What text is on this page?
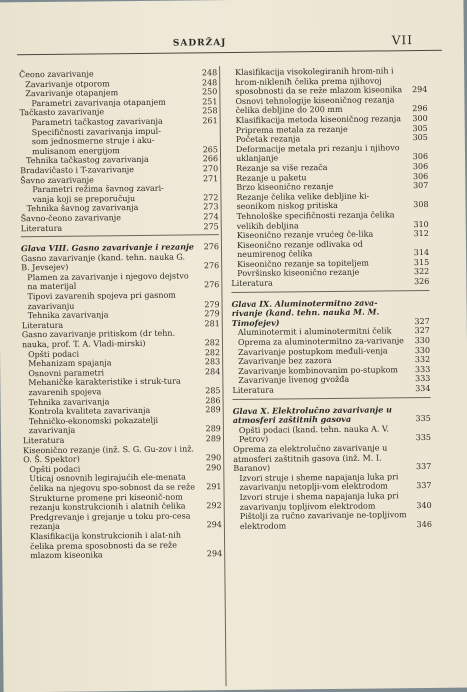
SADRŽAJ	VII
Čeono zavarivanje	248
Zavarivanje otporom	248
Zavarivanje otapanjem	250
Parametri zavarivanja otapanjem	251
Tačkasto zavarivanje	258
Parametri tačkastog zavarivanja	261
Specifičnosti zavarivanja impul-
som jednosmerne struje i aku-
mulisanom energijom	265
Tehnika tačkastog zavarivanja	266
Bradavičasto i T-zavarivanje	270
Šavno zavarivanje	271
Parametri režima šavnog zavari-
vanja koji se preporučuju	272
Tehnika šavnog zavarivanja	273
Šavno-čeono zavarivanje	274
Literatura	275
Glava VIII. Gasno zavarivanje i rezanje	276
Gasno zavarivanje (kand. tehn. nauka G. B. Jevsejev)	276
Plamen za zavarivanje i njegovo dejstvo na materijal	276
Tipovi zavarenih spojeva pri gasnom zavarivanju	279
Tehnika zavarivanja	279
Literatura	281
Gasno zavarivanje pritiskom (dr tehn. nauka, prof. T. A. Vladi-mirski)	282
Opšti podaci	282
Mehanizam spajanja	283
Osnovni parametri	284
Mehaničke karakteristike i struk-tura zavarenih spojeva	285
Tehnika zavarivanja	286
Kontrola kvaliteta zavarivanja	289
Tehničko-ekonomski pokazatelji zavarivanja	289
Literatura	289
Kiseonično rezanje (inž. S. G. Gu-zov i inž. O. Š. Spektor)	290
Opšti podaci	290
Uticaj osnovnih legirajućih ele-menata čelika na njegovu spo-sobnost da se reže	291
Strukturne promene pri kiseonič-nom rezanju konstrukcionih i alatnih čelika	292
Predgrevanje i grejanje u toku pro-cesa rezanja	294
Klasifikacija konstrukcionih i alat-nih čelika prema sposobnosti da se reže mlazom kiseonika	294
Klasifikacija visokolegiranih hrom-nih i hrom-nikleniħ čelika prema njihovoj sposobnosti da se reže mlazom kiseonika	294
Osnovi tehnologije kiseoničnog rezanja čelika debljine do 200 mm	296
Klasifikacija metoda kiseoničnog rezanja	300
Priprema metala za rezanje	305
Početak rezanja	305
Deformacije metala pri rezanju i njihovo uklanjanje	306
Rezanje sa više rezača	306
Rezanje u paketu	306
Brzo kiseonično rezanje	307
Rezanje čelika velike debljine ki-seonikom niskog pritiska	308
Tehnološke specifičnosti rezanja čelika velikih debljina	310
Kiseonično rezanje vrućeg če-lika	312
Kiseonično rezanje odlivaka od neumirenog čelika	314
Kiseonično rezanje sa topitelјem	315
Površinsko kiseonično rezanje	322
Literatura	326
Glava IX. Aluminotermitno zava-rivanje (kand. tehn. nauka M. M. Timofejev)	327
Aluminotermit i aluminotermitni čelik	327
Oprema za aluminotermitno za-varivanje	330
Zavarivanje postupkom međuli-venja	330
Zavarivanje bez zazora	332
Zavarivanje kombinovanim po-stupkom	333
Zavarivanje livenog gvožđa	333
Literatura	334
Glava X. Elektrolučno zavarivanje u atmosferi zaštitnih gasova	335
Opšti podaci (kand. tehn. nauka A. V. Petrov)	335
Oprema za elektrolučno zavarivanje u atmosferi zaštitnih gasova (inž. M. I. Baranov)	337
Izvori struje i sheme napajanja luka pri zavarivanju netoplji-vom elektrodom	337
Izvori struje i shema napajanja luka pri zavarivanju topljivom elektrodom	340
Pištolji za ručno zavarivanje ne-topljivom elektrodom	346
